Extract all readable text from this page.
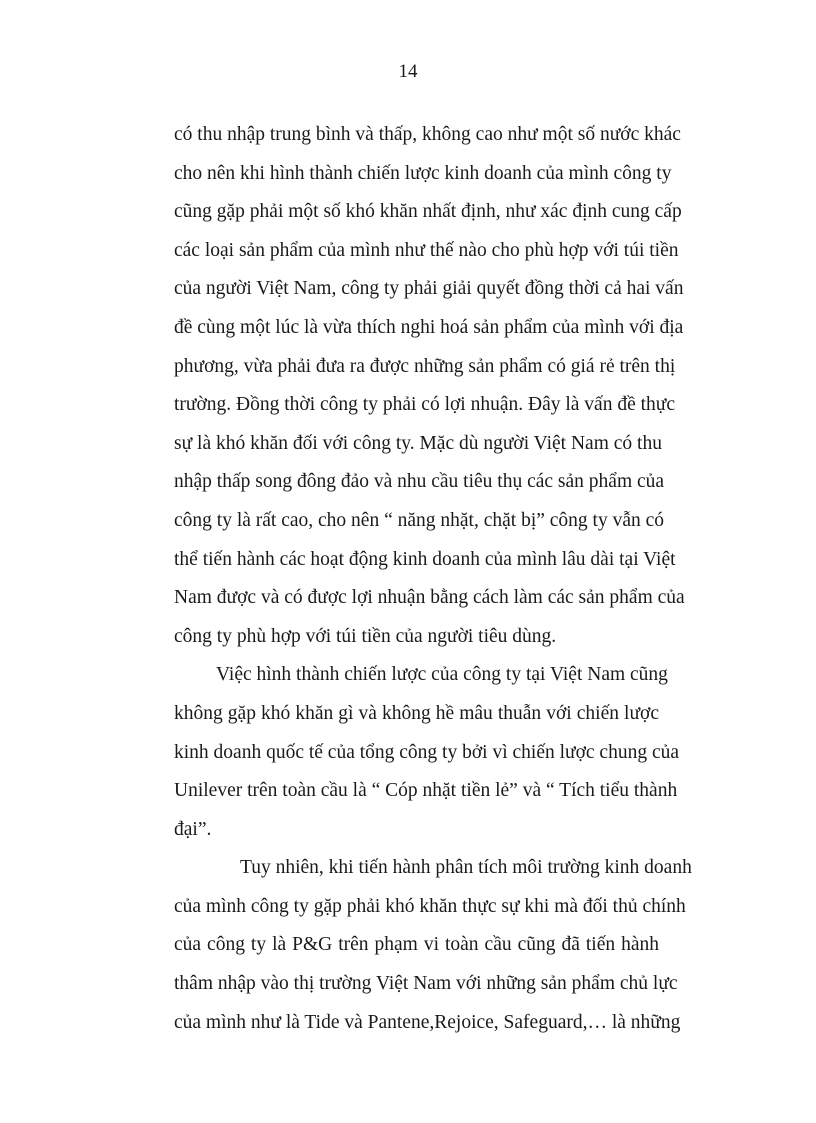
14
có thu nhập trung bình và thấp, không cao như một số nước khác
cho nên khi hình thành chiến lược kinh doanh của mình công ty
cũng gặp phải một số khó khăn nhất định, như xác định cung cấp
các loại sản phẩm của mình như thế nào cho phù hợp với túi tiền
của người Việt Nam, công ty phải giải quyết đồng thời cả hai vấn
đề cùng một lúc là vừa thích nghi hoá sản phẩm của mình với địa
phương, vừa phải đưa ra được những sản phẩm có giá rẻ trên thị
trường. Đồng thời công ty phải có lợi nhuận. Đây là vấn đề thực
sự là khó khăn đối với công ty. Mặc dù người Việt Nam có thu
nhập thấp song đông đảo và nhu cầu tiêu thụ các sản phẩm của
công ty là rất cao, cho nên “ năng nhặt, chặt bị” công ty vẫn có
thể tiến hành các hoạt động kinh doanh của mình lâu dài tại Việt
Nam được và có được lợi nhuận bằng cách làm các sản phẩm của
công ty phù hợp với túi tiền của người tiêu dùng.
Việc hình thành chiến lược của công ty tại Việt Nam cũng
không gặp khó khăn gì và không hề mâu thuẫn với chiến lược
kinh doanh quốc tế của tổng công ty bởi vì chiến lược chung của
Unilever trên toàn cầu là “ Cóp nhặt tiền lẻ” và “ Tích tiểu thành
đại”.
Tuy nhiên, khi tiến hành phân tích môi trường kinh doanh
của mình công ty gặp phải khó khăn thực sự khi mà đối thủ chính
của công ty là P&G trên phạm vi toàn cầu cũng đã tiến hành
thâm nhập vào thị trường Việt Nam với những sản phẩm chủ lực
của mình như là Tide và Pantene,Rejoice, Safeguard,… là những
